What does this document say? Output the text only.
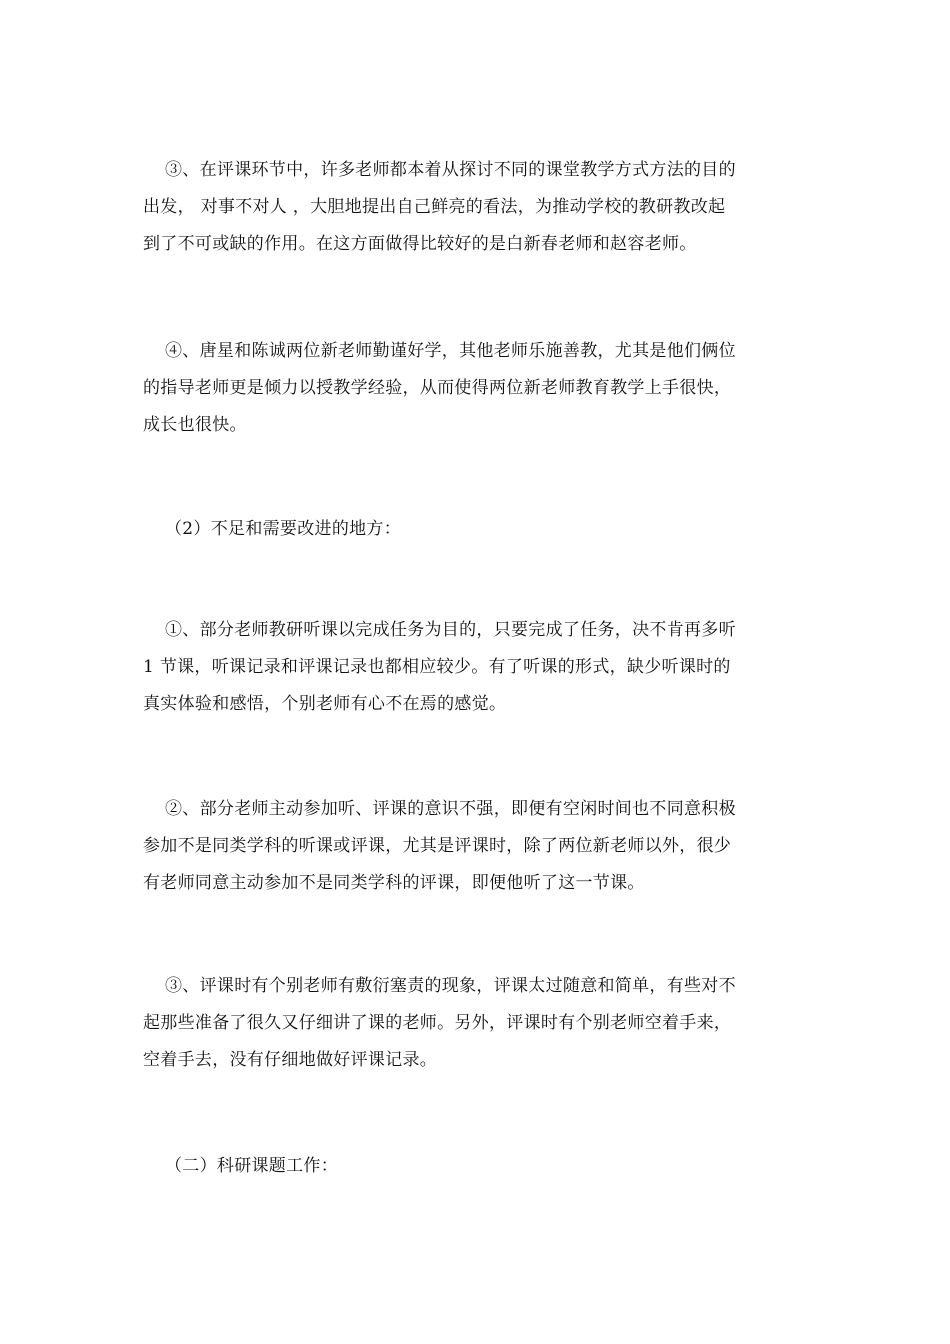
③、在评课环节中，许多老师都本着从探讨不同的课堂教学方式方法的目的
出发， 对事不对人 ，大胆地提出自己鲜亮的看法，为推动学校的教研教改起
到了不可或缺的作用。在这方面做得比较好的是白新春老师和赵容老师。

④、唐星和陈诚两位新老师勤谨好学，其他老师乐施善教，尤其是他们俩位
的指导老师更是倾力以授教学经验，从而使得两位新老师教育教学上手很快，
成长也很快。

（2）不足和需要改进的地方：

①、部分老师教研听课以完成任务为目的，只要完成了任务，决不肯再多听
1 节课，听课记录和评课记录也都相应较少。有了听课的形式，缺少听课时的
真实体验和感悟，个别老师有心不在焉的感觉。

②、部分老师主动参加听、评课的意识不强，即便有空闲时间也不同意积极
参加不是同类学科的听课或评课，尤其是评课时，除了两位新老师以外，很少
有老师同意主动参加不是同类学科的评课，即便他听了这一节课。

③、评课时有个别老师有敷衍塞责的现象，评课太过随意和简单，有些对不
起那些准备了很久又仔细讲了课的老师。另外，评课时有个别老师空着手来，
空着手去，没有仔细地做好评课记录。

（二）科研课题工作：
